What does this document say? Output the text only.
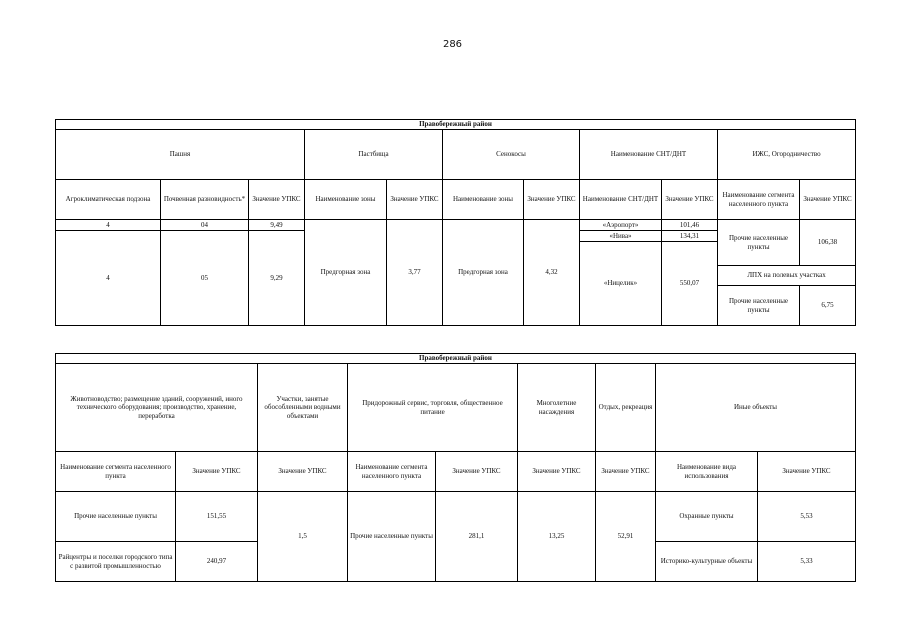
286
Правобережный район										
Пашня			Пастбища		Сенокосы		Наименование СНТ/ДНТ		ИЖС, Огородничество	
Агроклиматическая подзона	Почвенная разновидность*	Значение УПКС	Наименование зоны	Значение УПКС	Наименование зоны	Значение УПКС	Наименование СНТ/ДНТ	Значение УПКС	Наименование сегмента населенного пункта	Значение УПКС
4	04	9,49	Предгорная зона	3,77	Предгорная зона	4,32	«Аэропорт»	101,46	Прочие населенные пункты	106,38
4	05	9,29					«Нива»	134,31		
							«Ницелик»	550,07		
									ЛПХ на полевых участках	
									Прочие населенные пункты	6,75
Правобережный район								
Животноводство; размещение зданий, сооружений, иного технического оборудования; производство, хранение, переработка		Участки, занятые обособленными водными объектами	Придорожный сервис, торговля, общественное питание		Многолетние насаждения	Отдых, рекреация	Иные объекты	
Наименование сегмента населенного пункта	Значение УПКС	Значение УПКС	Наименование сегмента населенного пункта	Значение УПКС	Значение УПКС	Значение УПКС	Наименование вида использования	Значение УПКС
Прочие населенные пункты	151,55	1,5	Прочие населенные пункты	281,1	13,25	52,91	Охранные пункты	5,53
Райцентры и поселки городского типа с развитой промышленностью	240,97						Историко-культурные объекты	5,33
